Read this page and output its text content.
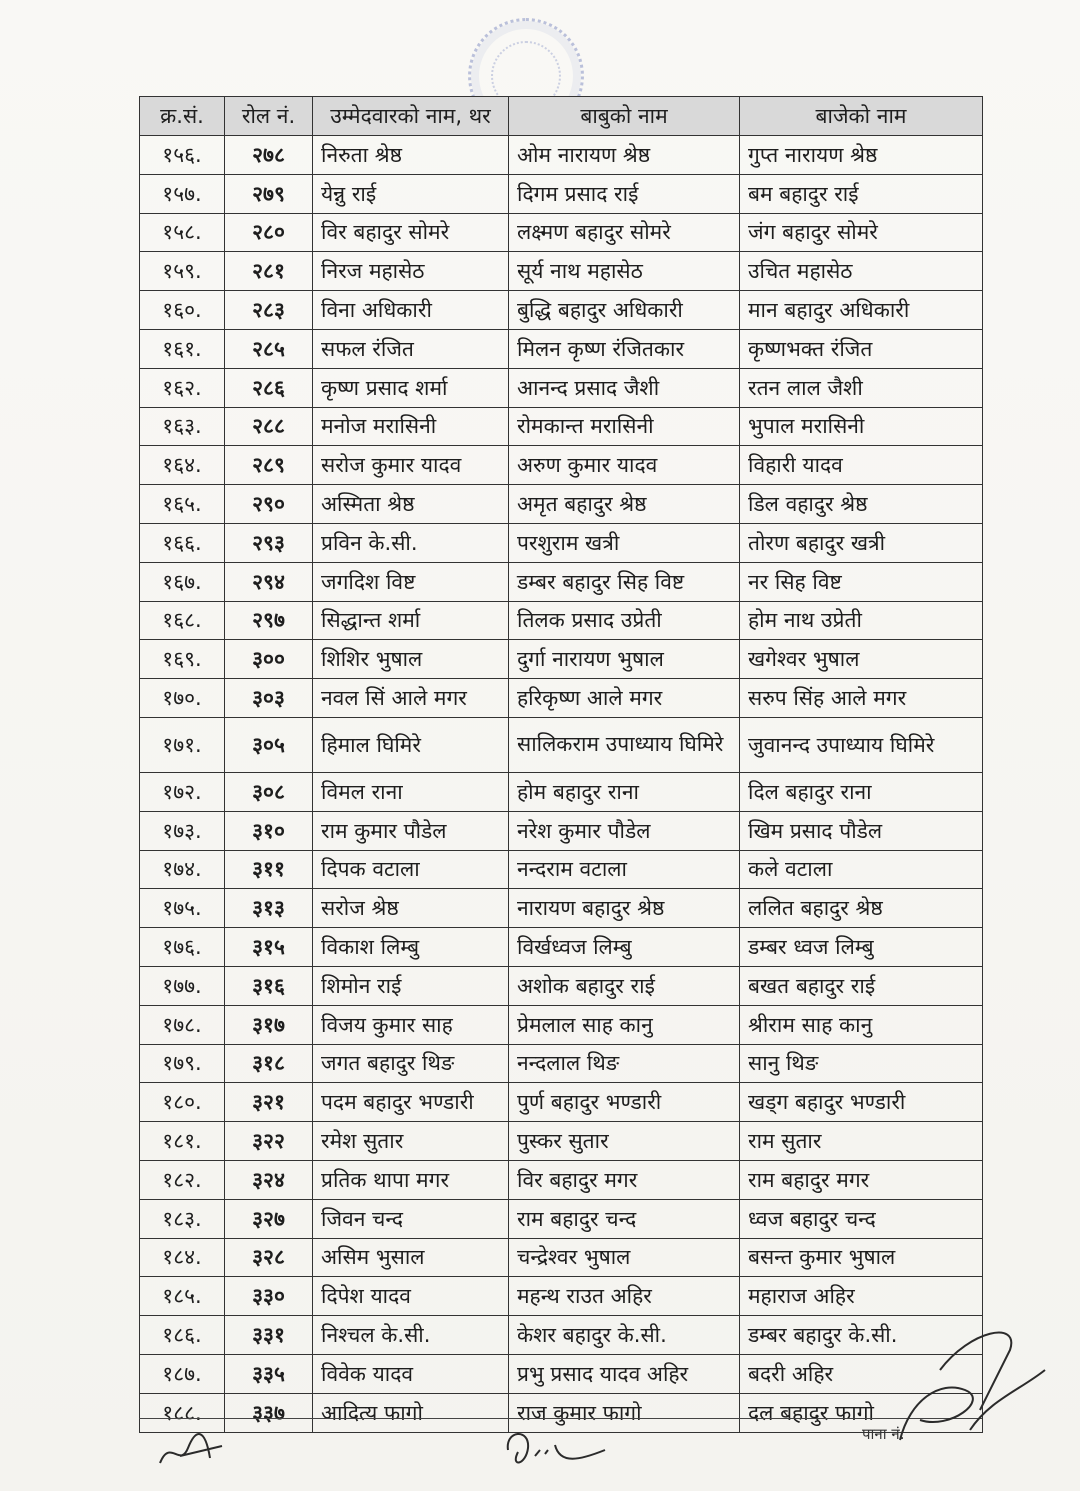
क्र.सं.	रोल नं.	उम्मेदवारको नाम, थर	बाबुको नाम	बाजेको नाम
१५६.	२७८	निरुता श्रेष्ठ	ओम नारायण श्रेष्ठ	गुप्त नारायण श्रेष्ठ
१५७.	२७९	येन्नु राई	दिगम प्रसाद राई	बम बहादुर राई
१५८.	२८०	विर बहादुर सोमरे	लक्ष्मण बहादुर सोमरे	जंग बहादुर सोमरे
१५९.	२८१	निरज महासेठ	सूर्य नाथ महासेठ	उचित महासेठ
१६०.	२८३	विना अधिकारी	बुद्धि बहादुर अधिकारी	मान बहादुर अधिकारी
१६१.	२८५	सफल रंजित	मिलन कृष्ण रंजितकार	कृष्णभक्त रंजित
१६२.	२८६	कृष्ण प्रसाद शर्मा	आनन्द प्रसाद जैशी	रतन लाल जैशी
१६३.	२८८	मनोज मरासिनी	रोमकान्त मरासिनी	भुपाल मरासिनी
१६४.	२८९	सरोज कुमार यादव	अरुण कुमार यादव	विहारी यादव
१६५.	२९०	अस्मिता श्रेष्ठ	अमृत बहादुर श्रेष्ठ	डिल वहादुर श्रेष्ठ
१६६.	२९३	प्रविन के.सी.	परशुराम खत्री	तोरण बहादुर खत्री
१६७.	२९४	जगदिश विष्ट	डम्बर बहादुर सिह विष्ट	नर सिह विष्ट
१६८.	२९७	सिद्धान्त शर्मा	तिलक प्रसाद उप्रेती	होम नाथ उप्रेती
१६९.	३००	शिशिर भुषाल	दुर्गा नारायण भुषाल	खगेश्वर भुषाल
१७०.	३०३	नवल सिं आले मगर	हरिकृष्ण आले मगर	सरुप सिंह आले मगर
१७१.	३०५	हिमाल घिमिरे	सालिकराम उपाध्याय घिमिरे	जुवानन्द उपाध्याय घिमिरे
१७२.	३०८	विमल राना	होम बहादुर राना	दिल बहादुर राना
१७३.	३१०	राम कुमार पौडेल	नरेश कुमार पौडेल	खिम प्रसाद पौडेल
१७४.	३११	दिपक वटाला	नन्दराम वटाला	कले वटाला
१७५.	३१३	सरोज श्रेष्ठ	नारायण बहादुर श्रेष्ठ	ललित बहादुर श्रेष्ठ
१७६.	३१५	विकाश लिम्बु	विर्खध्वज लिम्बु	डम्बर ध्वज लिम्बु
१७७.	३१६	शिमोन राई	अशोक बहादुर राई	बखत बहादुर राई
१७८.	३१७	विजय कुमार साह	प्रेमलाल साह कानु	श्रीराम साह कानु
१७९.	३१८	जगत बहादुर थिङ	नन्दलाल थिङ	सानु थिङ
१८०.	३२१	पदम बहादुर भण्डारी	पुर्ण बहादुर भण्डारी	खड्ग बहादुर भण्डारी
१८१.	३२२	रमेश सुतार	पुस्कर सुतार	राम सुतार
१८२.	३२४	प्रतिक थापा मगर	विर बहादुर मगर	राम बहादुर मगर
१८३.	३२७	जिवन चन्द	राम बहादुर चन्द	ध्वज बहादुर चन्द
१८४.	३२८	असिम भुसाल	चन्द्रेश्वर भुषाल	बसन्त कुमार भुषाल
१८५.	३३०	दिपेश यादव	महन्थ राउत अहिर	महाराज अहिर
१८६.	३३१	निश्चल के.सी.	केशर बहादुर के.सी.	डम्बर बहादुर के.सी.
१८७.	३३५	विवेक यादव	प्रभु प्रसाद यादव अहिर	बदरी अहिर
१८८.	३३७	आदित्य फागो	राज कुमार फागो	दल बहादुर फागो
पाना नं.
